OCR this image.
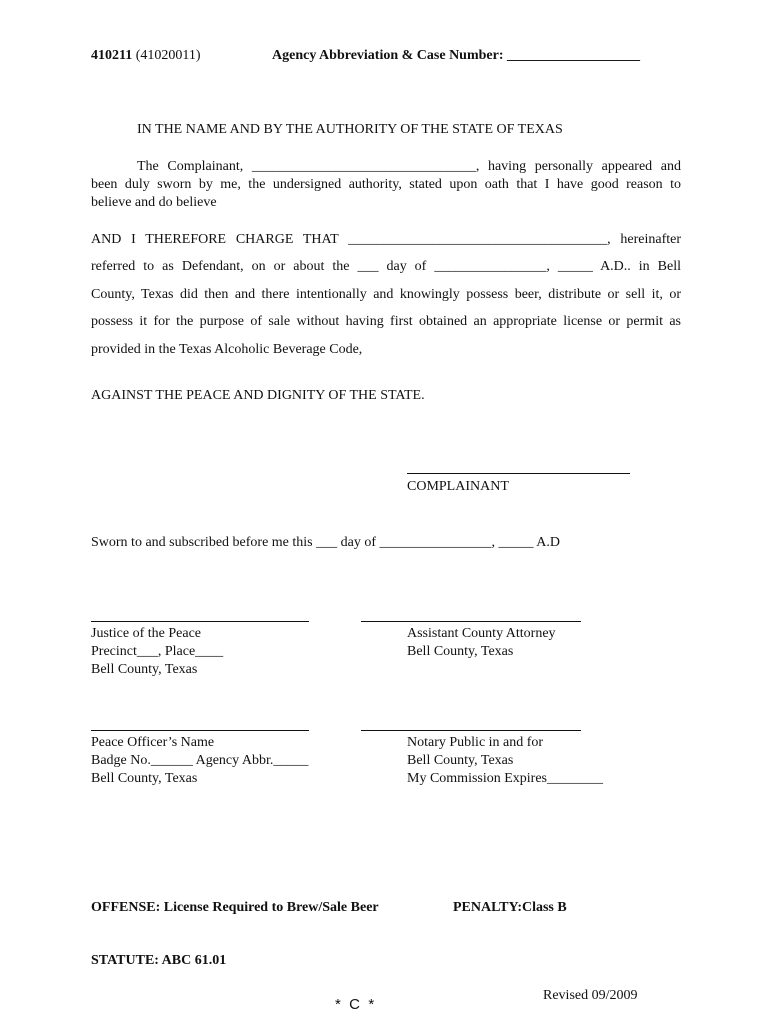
410211 (41020011)	Agency Abbreviation & Case Number: ___________________
IN THE NAME AND BY THE AUTHORITY OF THE STATE OF TEXAS
The Complainant, ________________________________, having personally appeared and
been duly sworn by me, the undersigned authority, stated upon oath that I have good reason to
believe and do believe
AND I THEREFORE CHARGE THAT _____________________________________, hereinafter
referred to as Defendant, on or about the ___ day of ________________, _____ A.D.. in Bell
County, Texas did then and there intentionally and knowingly possess beer, distribute or sell it, or
possess it for the purpose of sale without having first obtained an appropriate license or permit as
provided in the Texas Alcoholic Beverage Code,
AGAINST THE PEACE AND DIGNITY OF THE STATE.
COMPLAINANT
Sworn to and subscribed before me this ___ day of ________________, _____ A.D
Justice of the Peace
Precinct___, Place____
Bell County, Texas
Assistant County Attorney
Bell County, Texas
Peace Officer’s Name
Badge No.______ Agency Abbr._____
Bell County, Texas
Notary Public in and for
Bell County, Texas
My Commission Expires________
OFFENSE: License Required to Brew/Sale Beer	PENALTY:Class B
STATUTE: ABC 61.01
*  C  *
Revised 09/2009
